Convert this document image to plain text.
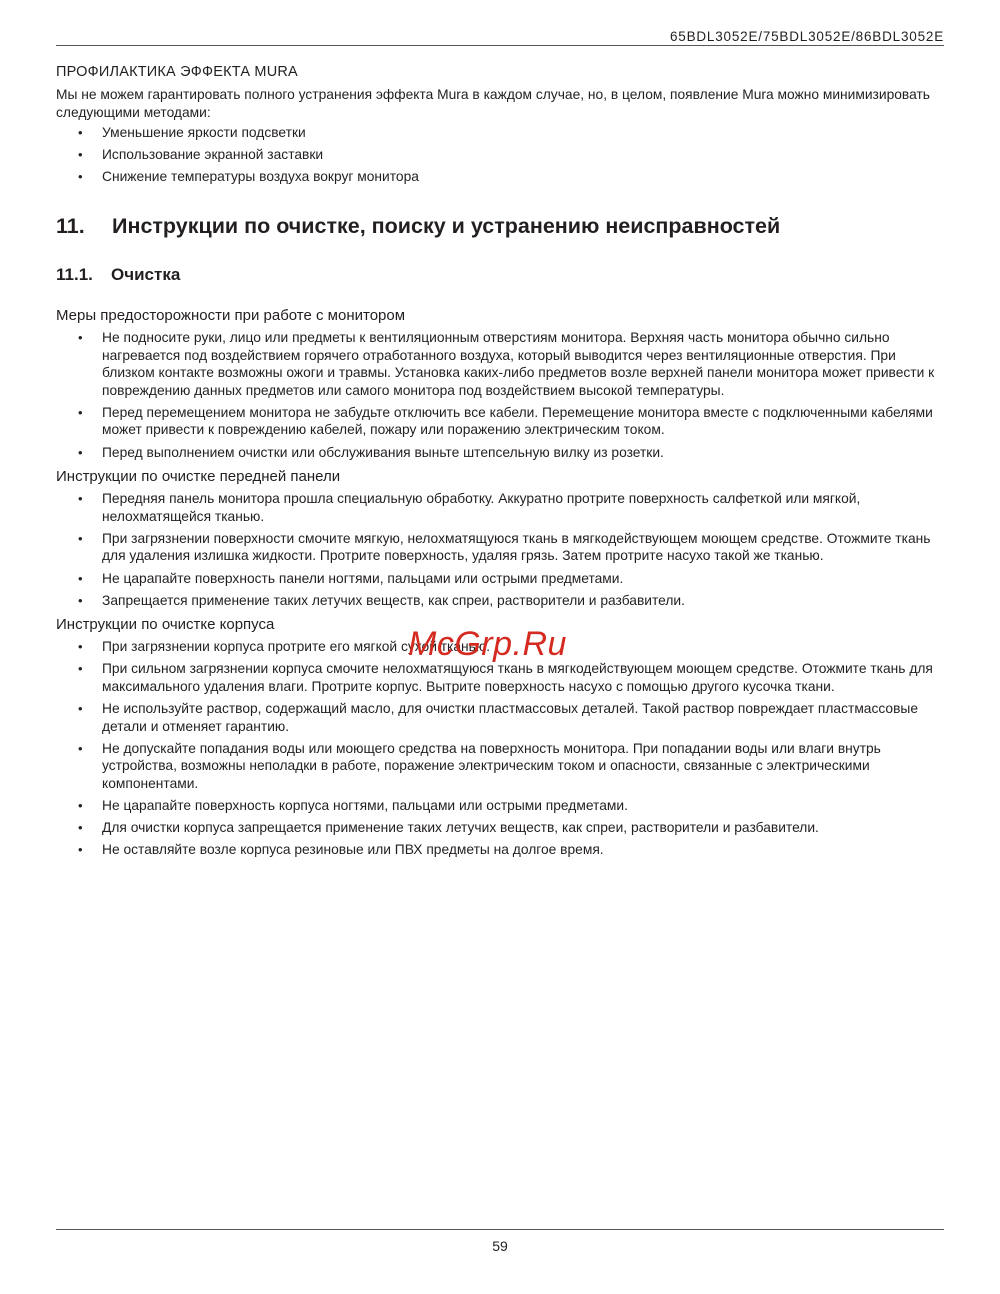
65BDL3052E/75BDL3052E/86BDL3052E
ПРОФИЛАКТИКА ЭФФЕКТА MURA

Мы не можем гарантировать полного устранения эффекта Mura в каждом случае, но, в целом, появление Mura можно минимизировать следующими методами:

• Уменьшение яркости подсветки
• Использование экранной заставки
• Снижение температуры воздуха вокруг монитора
11.	Инструкции по очистке, поиску и устранению неисправностей
11.1.	Очистка
Меры предосторожности при работе с монитором
• Не подносите руки, лицо или предметы к вентиляционным отверстиям монитора. Верхняя часть монитора обычно сильно нагревается под воздействием горячего отработанного воздуха, который выводится через вентиляционные отверстия. При близком контакте возможны ожоги и травмы. Установка каких-либо предметов возле верхней панели монитора может привести к повреждению данных предметов или самого монитора под воздействием высокой температуры.
• Перед перемещением монитора не забудьте отключить все кабели. Перемещение монитора вместе с подключенными кабелями может привести к повреждению кабелей, пожару или поражению электрическим током.
• Перед выполнением очистки или обслуживания выньте штепсельную вилку из розетки.
Инструкции по очистке передней панели
• Передняя панель монитора прошла специальную обработку. Аккуратно протрите поверхность салфеткой или мягкой, нелохматящейся тканью.
• При загрязнении поверхности смочите мягкую, нелохматящуюся ткань в мягкодействующем моющем средстве. Отожмите ткань для удаления излишка жидкости. Протрите поверхность, удаляя грязь. Затем протрите насухо такой же тканью.
• Не царапайте поверхность панели ногтями, пальцами или острыми предметами.
• Запрещается применение таких летучих веществ, как спреи, растворители и разбавители.
Инструкции по очистке корпуса
• При загрязнении корпуса протрите его мягкой сухой тканью.
• При сильном загрязнении корпуса смочите нелохматящуюся ткань в мягкодействующем моющем средстве. Отожмите ткань для максимального удаления влаги. Протрите корпус. Вытрите поверхность насухо с помощью другого кусочка ткани.
• Не используйте раствор, содержащий масло, для очистки пластмассовых деталей. Такой раствор повреждает пластмассовые детали и отменяет гарантию.
• Не допускайте попадания воды или моющего средства на поверхность монитора. При попадании воды или влаги внутрь устройства, возможны неполадки в работе, поражение электрическим током и опасности, связанные с электрическими компонентами.
• Не царапайте поверхность корпуса ногтями, пальцами или острыми предметами.
• Для очистки корпуса запрещается применение таких летучих веществ, как спреи, растворители и разбавители.
• Не оставляйте возле корпуса резиновые или ПВХ предметы на долгое время.
McGrp.Ru
59
